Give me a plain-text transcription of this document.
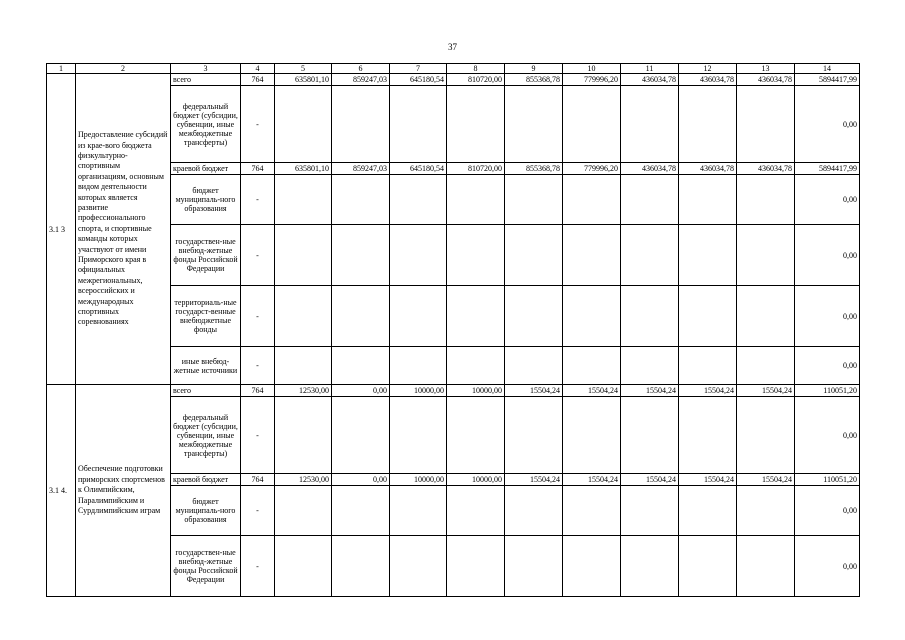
37
1	2	3	4	5	6	7	8	9	10	11	12	13	14
3.1 3	Предоставление субсидий из крае-вого бюджета физкультурно-спортивным организациям, основным видом деятельности которых является развитие профессионального спорта, и спортивные команды которых участвуют от имени Приморского края в официальных межрегиональных, всероссийских и международных спортивных соревнованиях	всего	764	635801,10	859247,03	645180,54	810720,00	855368,78	779996,20	436034,78	436034,78	436034,78	5894417,99
		федеральный бюджет (субсидии, субвенции, иные межбюджетные трансферты)	-										0,00
		краевой бюджет	764	635801,10	859247,03	645180,54	810720,00	855368,78	779996,20	436034,78	436034,78	436034,78	5894417,99
		бюджет муниципаль-ного образования	-										0,00
		государствен-ные внебюд-жетные фонды Российской Федерации	-										0,00
		территориаль-ные государст-венные внебюджетные фонды	-										0,00
		иные внебюд-жетные источники	-										0,00
3.1 4.	Обеспечение подготовки приморских спортсменов к Олимпийским, Паралимпийским и Сурдлимпийским играм	всего	764	12530,00	0,00	10000,00	10000,00	15504,24	15504,24	15504,24	15504,24	15504,24	110051,20
		федеральный бюджет (субсидии, субвенции, иные межбюджетные трансферты)	-										0,00
		краевой бюджет	764	12530,00	0,00	10000,00	10000,00	15504,24	15504,24	15504,24	15504,24	15504,24	110051,20
		бюджет муниципаль-ного образования	-										0,00
		государствен-ные внебюд-жетные фонды Российской Федерации	-										0,00
